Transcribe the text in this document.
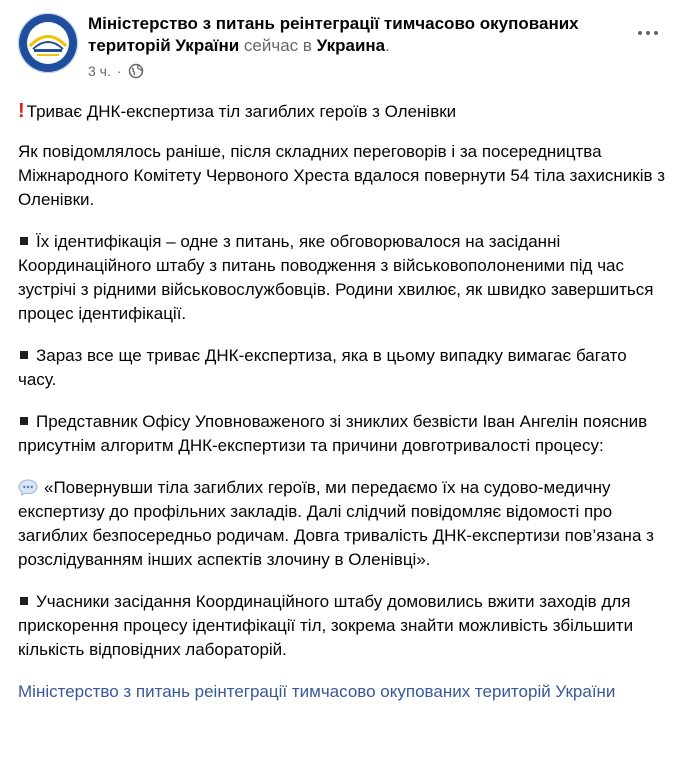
Міністерство з питань реінтеграції тимчасово окупованих територій України сейчас в Украина.
3 ч. ·

! Триває ДНК-експертиза тіл загиблих героїв з Оленівки

Як повідомлялось раніше, після складних переговорів і за посередництва Міжнародного Комітету Червоного Хреста вдалося повернути 54 тіла захисників з Оленівки.

Їх ідентифікація – одне з питань, яке обговорювалося на засіданні Координаційного штабу з питань поводження з військовополоненими під час зустрічі з рідними військовослужбовців. Родини хвилює, як швидко завершиться процес ідентифікації.

Зараз все ще триває ДНК-експертиза, яка в цьому випадку вимагає багато часу.

Представник Офісу Уповноваженого зі зниклих безвісти Іван Ангелін пояснив присутнім алгоритм ДНК-експертизи та причини довготривалості процесу:

«Повернувши тіла загиблих героїв, ми передаємо їх на судово-медичну експертизу до профільних закладів. Далі слідчий повідомляє відомості про загиблих безпосередньо родичам. Довга тривалість ДНК-експертизи пов’язана з розслідуванням інших аспектів злочину в Оленівці».

Учасники засідання Координаційного штабу домовились вжити заходів для прискорення процесу ідентифікації тіл, зокрема знайти можливість збільшити кількість відповідних лабораторій.

Міністерство з питань реінтеграції тимчасово окупованих територій України
